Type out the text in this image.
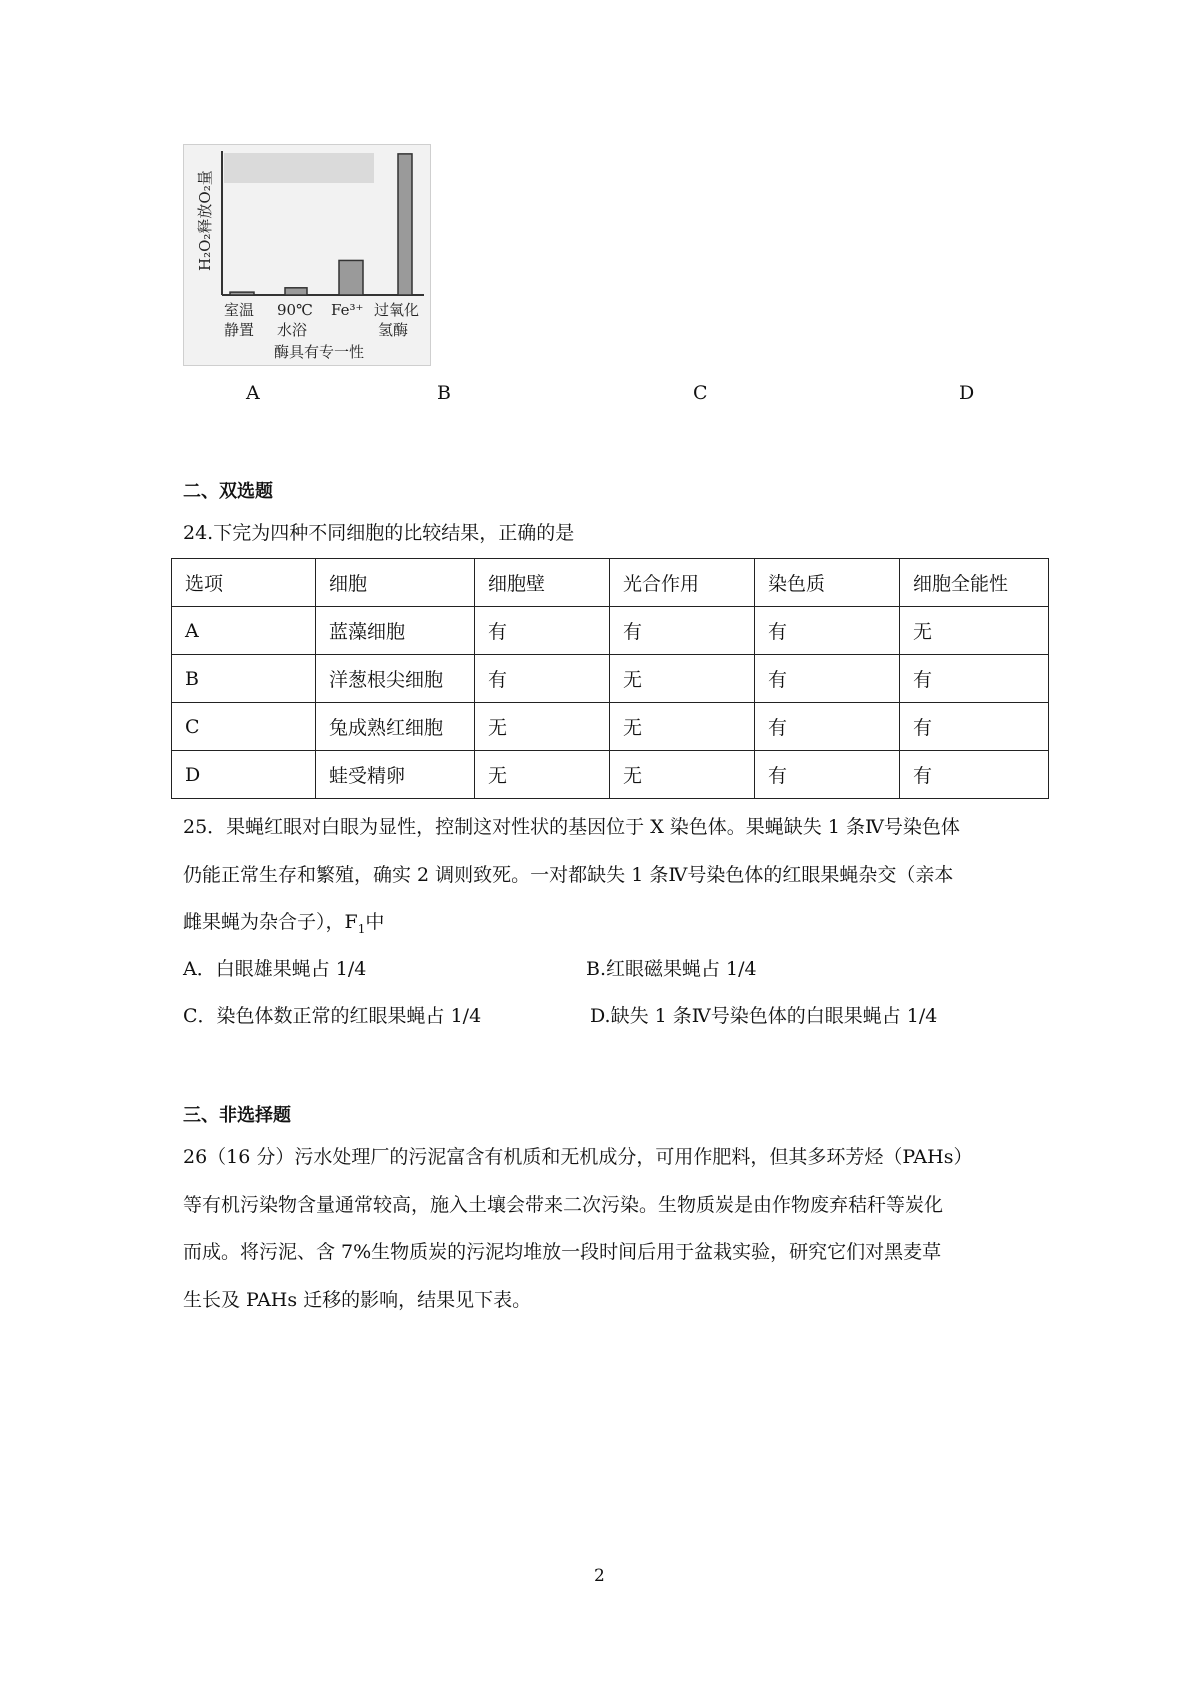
H₂O₂释放O₂量
室温
静置
90℃
水浴
Fe³⁺ 过氧化
氢酶
酶具有专一性
A	B	C	D
二、双选题
24.下完为四种不同细胞的比较结果，正确的是
选项	细胞	细胞壁	光合作用	染色质	细胞全能性
A	蓝藻细胞	有	有	有	无
B	洋葱根尖细胞	有	无	有	有
C	兔成熟红细胞	无	无	有	有
D	蛙受精卵	无	无	有	有
25．果蝇红眼对白眼为显性，控制这对性状的基因位于 X 染色体。果蝇缺失 1 条Ⅳ号染色体
仍能正常生存和繁殖，确实 2 调则致死。一对都缺失 1 条Ⅳ号染色体的红眼果蝇杂交（亲本
雌果蝇为杂合子），$F_1$中
A．白眼雄果蝇占 1/4	B.红眼磁果蝇占 1/4
C．染色体数正常的红眼果蝇占 1/4	D.缺失 1 条Ⅳ号染色体的白眼果蝇占 1/4
三、非选择题
26（16 分）污水处理厂的污泥富含有机质和无机成分，可用作肥料，但其多环芳烃（PAHs）
等有机污染物含量通常较高，施入土壤会带来二次污染。生物质炭是由作物废弃秸秆等炭化
而成。将污泥、含 7%生物质炭的污泥均堆放一段时间后用于盆栽实验，研究它们对黑麦草
生长及 PAHs 迁移的影响，结果见下表。
2
